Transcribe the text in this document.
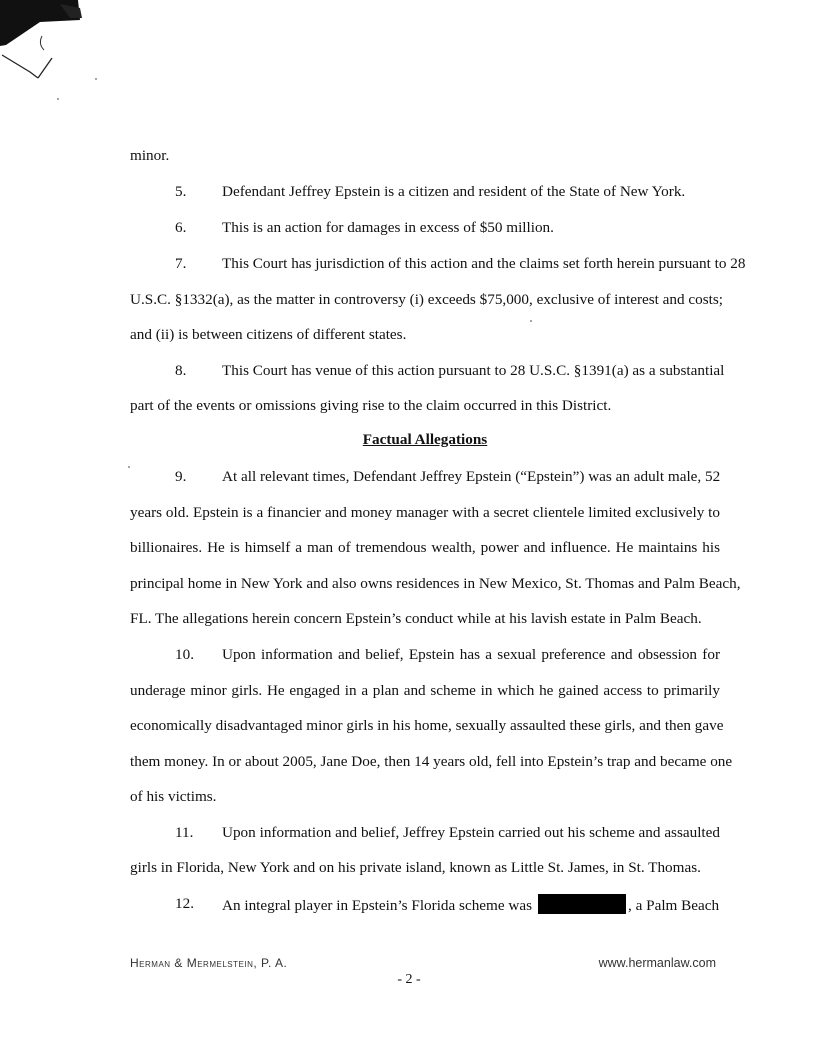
minor.
5. Defendant Jeffrey Epstein is a citizen and resident of the State of New York.
6. This is an action for damages in excess of $50 million.
7. This Court has jurisdiction of this action and the claims set forth herein pursuant to 28
U.S.C. §1332(a), as the matter in controversy (i) exceeds $75,000, exclusive of interest and costs;
and (ii) is between citizens of different states.
8. This Court has venue of this action pursuant to 28 U.S.C. §1391(a) as a substantial
part of the events or omissions giving rise to the claim occurred in this District.
Factual Allegations
9. At all relevant times, Defendant Jeffrey Epstein (“Epstein”) was an adult male, 52
years old. Epstein is a financier and money manager with a secret clientele limited exclusively to
billionaires. He is himself a man of tremendous wealth, power and influence. He maintains his
principal home in New York and also owns residences in New Mexico, St. Thomas and Palm Beach,
FL. The allegations herein concern Epstein’s conduct while at his lavish estate in Palm Beach.
10. Upon information and belief, Epstein has a sexual preference and obsession for
underage minor girls. He engaged in a plan and scheme in which he gained access to primarily
economically disadvantaged minor girls in his home, sexually assaulted these girls, and then gave
them money. In or about 2005, Jane Doe, then 14 years old, fell into Epstein’s trap and became one
of his victims.
11. Upon information and belief, Jeffrey Epstein carried out his scheme and assaulted
girls in Florida, New York and on his private island, known as Little St. James, in St. Thomas.
12. An integral player in Epstein’s Florida scheme was	, a Palm Beach
Herman & Mermelstein, P. A.	www.hermanlaw.com
- 2 -
